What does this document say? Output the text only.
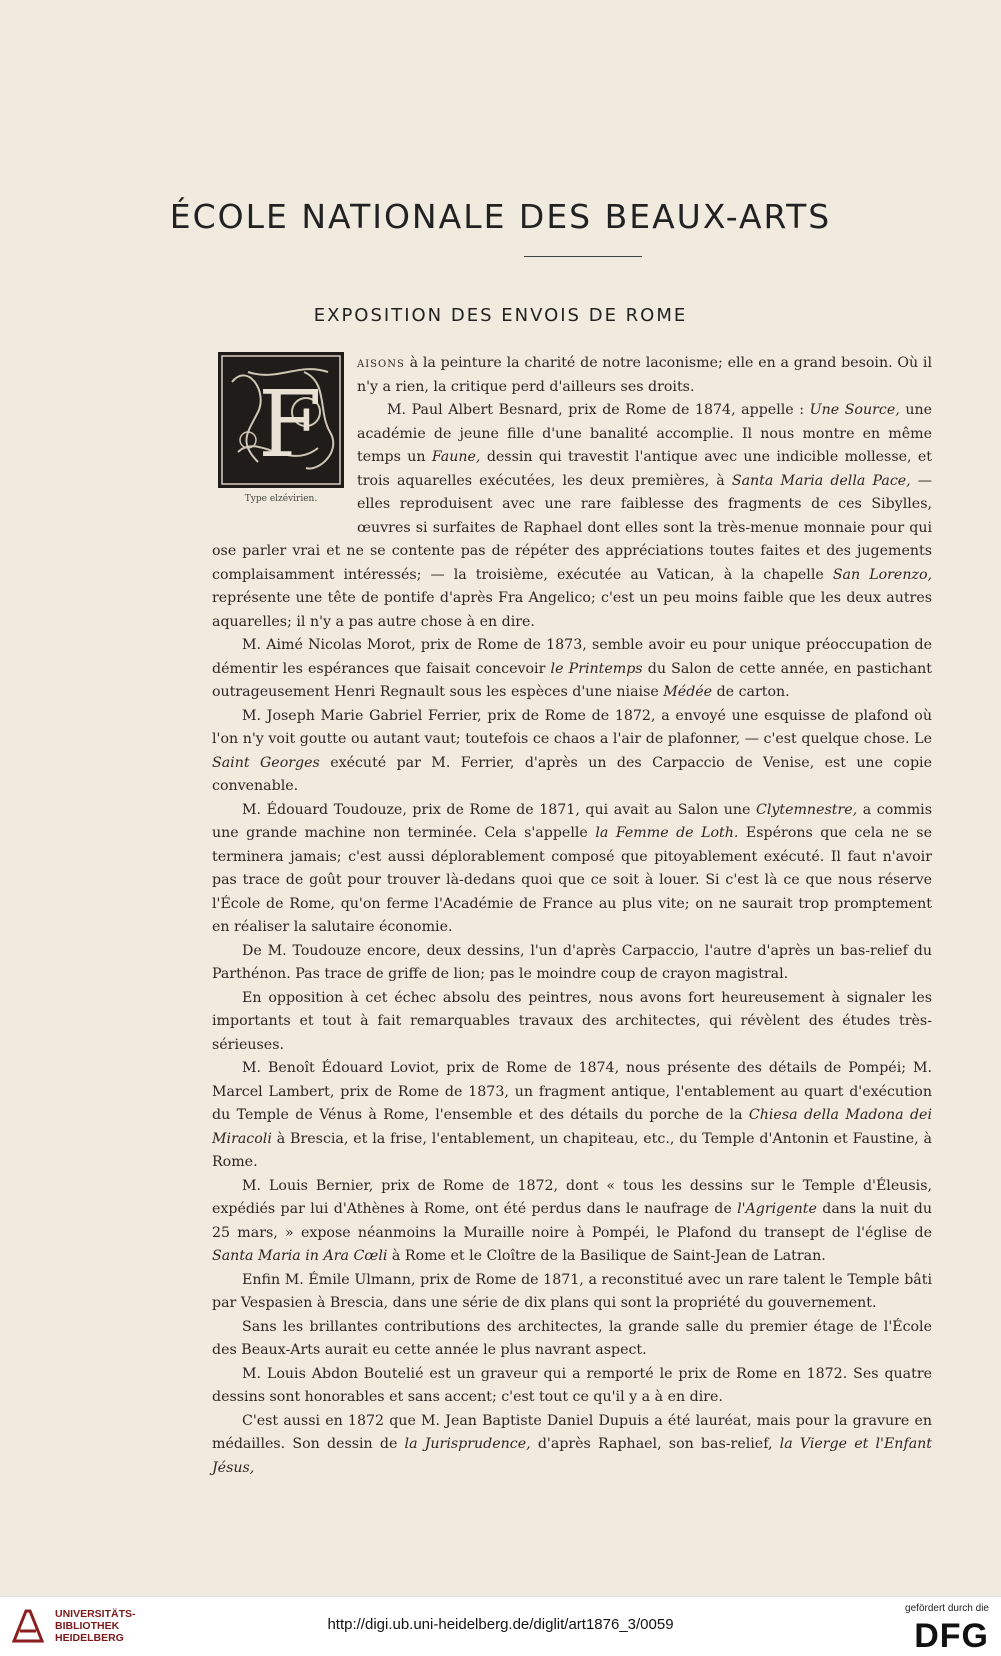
ÉCOLE NATIONALE DES BEAUX-ARTS
EXPOSITION DES ENVOIS DE ROME
F
Type elzévirien.

aisons à la peinture la charité de notre laconisme; elle en a grand besoin. Où il n'y a rien, la critique perd d'ailleurs ses droits.

M. Paul Albert Besnard, prix de Rome de 1874, appelle : Une Source, une académie de jeune fille d'une banalité accomplie. Il nous montre en même temps un Faune, dessin qui travestit l'antique avec une indicible mollesse, et trois aquarelles exécutées, les deux premières, à Santa Maria della Pace, — elles reproduisent avec une rare faiblesse des fragments de ces Sibylles, œuvres si surfaites de Raphael dont elles sont la très-menue monnaie pour qui ose parler vrai et ne se contente pas de répéter des appréciations toutes faites et des jugements complaisamment intéressés; — la troisième, exécutée au Vatican, à la chapelle San Lorenzo, représente une tête de pontife d'après Fra Angelico; c'est un peu moins faible que les deux autres aquarelles; il n'y a pas autre chose à en dire.

M. Aimé Nicolas Morot, prix de Rome de 1873, semble avoir eu pour unique préoccupation de démentir les espérances que faisait concevoir le Printemps du Salon de cette année, en pastichant outrageusement Henri Regnault sous les espèces d'une niaise Médée de carton.

M. Joseph Marie Gabriel Ferrier, prix de Rome de 1872, a envoyé une esquisse de plafond où l'on n'y voit goutte ou autant vaut; toutefois ce chaos a l'air de plafonner, — c'est quelque chose. Le Saint Georges exécuté par M. Ferrier, d'après un des Carpaccio de Venise, est une copie convenable.

M. Édouard Toudouze, prix de Rome de 1871, qui avait au Salon une Clytemnestre, a commis une grande machine non terminée. Cela s'appelle la Femme de Loth. Espérons que cela ne se terminera jamais; c'est aussi déplorablement composé que pitoyablement exécuté. Il faut n'avoir pas trace de goût pour trouver là-dedans quoi que ce soit à louer. Si c'est là ce que nous réserve l'École de Rome, qu'on ferme l'Académie de France au plus vite; on ne saurait trop promptement en réaliser la salutaire économie.

De M. Toudouze encore, deux dessins, l'un d'après Carpaccio, l'autre d'après un bas-relief du Parthénon. Pas trace de griffe de lion; pas le moindre coup de crayon magistral.

En opposition à cet échec absolu des peintres, nous avons fort heureusement à signaler les importants et tout à fait remarquables travaux des architectes, qui révèlent des études très-sérieuses.

M. Benoît Édouard Loviot, prix de Rome de 1874, nous présente des détails de Pompéi; M. Marcel Lambert, prix de Rome de 1873, un fragment antique, l'entablement au quart d'exécution du Temple de Vénus à Rome, l'ensemble et des détails du porche de la Chiesa della Madona dei Miracoli à Brescia, et la frise, l'entablement, un chapiteau, etc., du Temple d'Antonin et Faustine, à Rome.

M. Louis Bernier, prix de Rome de 1872, dont « tous les dessins sur le Temple d'Éleusis, expédiés par lui d'Athènes à Rome, ont été perdus dans le naufrage de l'Agrigente dans la nuit du 25 mars, » expose néanmoins la Muraille noire à Pompéi, le Plafond du transept de l'église de Santa Maria in Ara Cœli à Rome et le Cloître de la Basilique de Saint-Jean de Latran.

Enfin M. Émile Ulmann, prix de Rome de 1871, a reconstitué avec un rare talent le Temple bâti par Vespasien à Brescia, dans une série de dix plans qui sont la propriété du gouvernement.

Sans les brillantes contributions des architectes, la grande salle du premier étage de l'École des Beaux-Arts aurait eu cette année le plus navrant aspect.

M. Louis Abdon Boutelié est un graveur qui a remporté le prix de Rome en 1872. Ses quatre dessins sont honorables et sans accent; c'est tout ce qu'il y a à en dire.

C'est aussi en 1872 que M. Jean Baptiste Daniel Dupuis a été lauréat, mais pour la gravure en médailles. Son dessin de la Jurisprudence, d'après Raphael, son bas-relief, la Vierge et l'Enfant Jésus,

UNIVERSITÄTS-
BIBLIOTHEK
HEIDELBERG
http://digi.ub.uni-heidelberg.de/diglit/art1876_3/0059
gefördert durch die
DFG
